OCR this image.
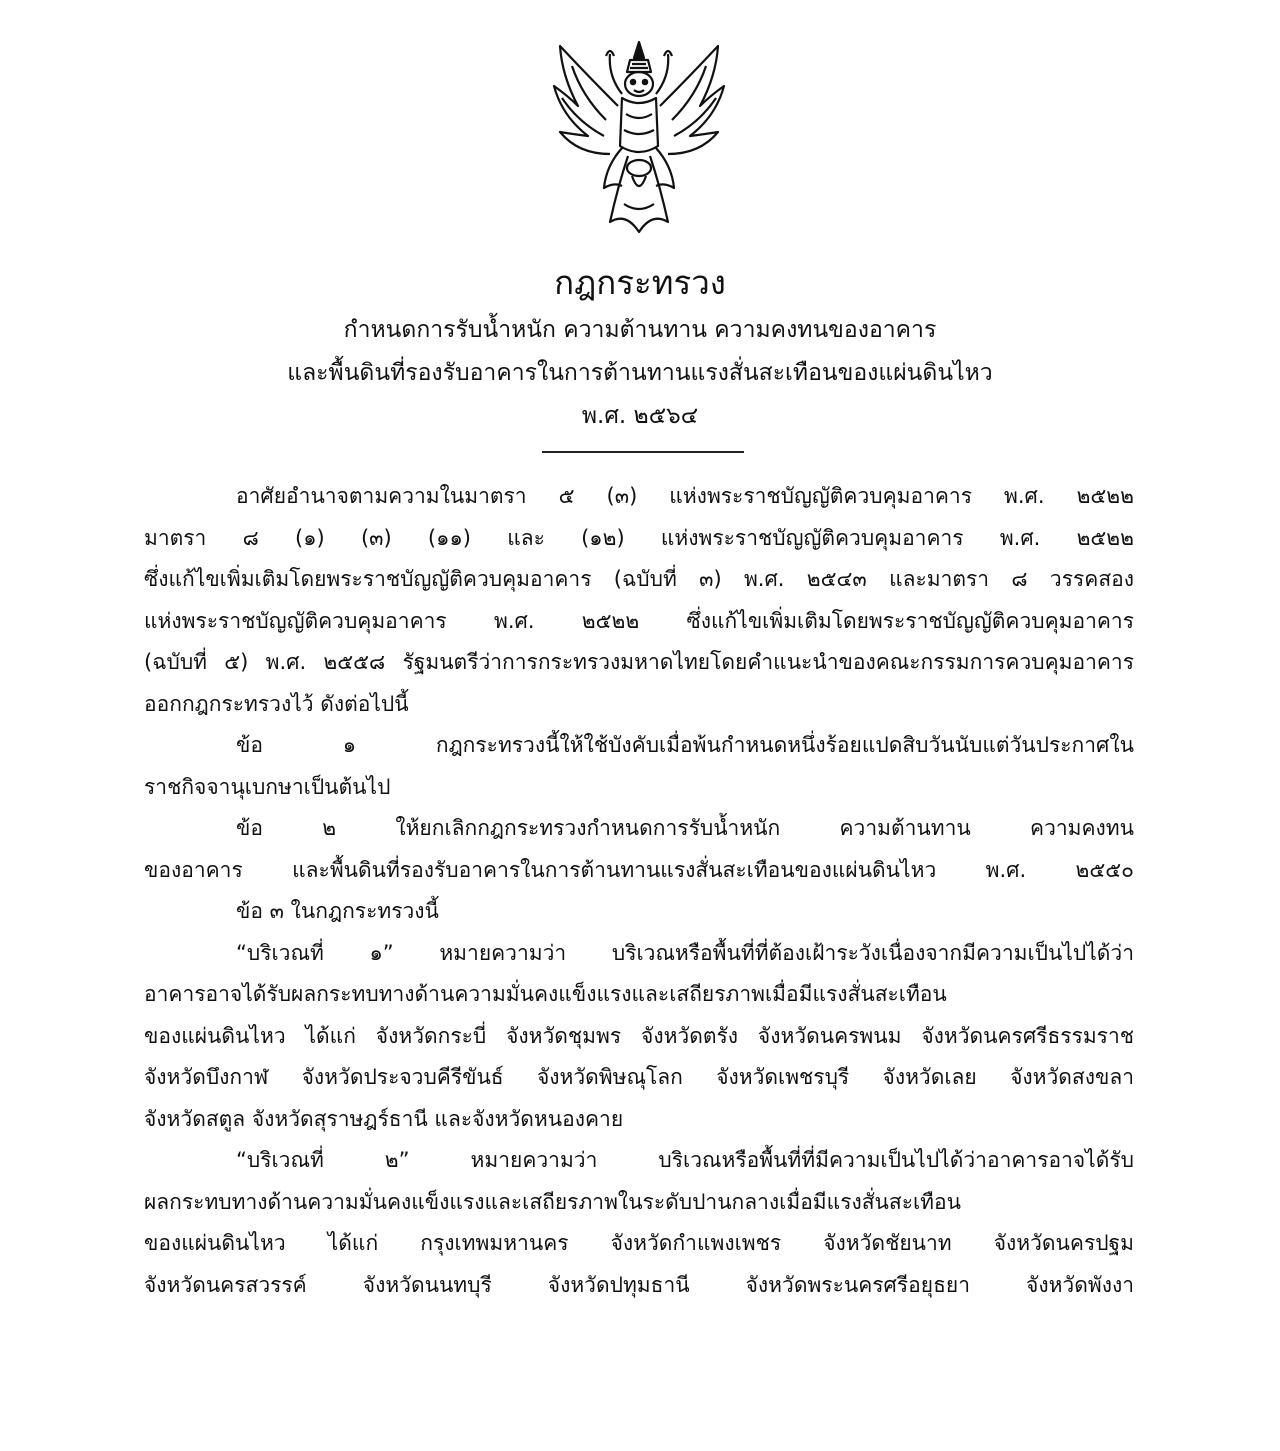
กฎกระทรวง
กำหนดการรับน้ำหนัก ความต้านทาน ความคงทนของอาคาร
และพื้นดินที่รองรับอาคารในการต้านทานแรงสั่นสะเทือนของแผ่นดินไหว
พ.ศ. ๒๕๖๔
อาศัยอำนาจตามความในมาตรา ๕ (๓) แห่งพระราชบัญญัติควบคุมอาคาร พ.ศ. ๒๕๒๒
มาตรา ๘ (๑) (๓) (๑๑) และ (๑๒) แห่งพระราชบัญญัติควบคุมอาคาร พ.ศ. ๒๕๒๒
ซึ่งแก้ไขเพิ่มเติมโดยพระราชบัญญัติควบคุมอาคาร (ฉบับที่ ๓) พ.ศ. ๒๕๔๓ และมาตรา ๘ วรรคสอง
แห่งพระราชบัญญัติควบคุมอาคาร พ.ศ. ๒๕๒๒ ซึ่งแก้ไขเพิ่มเติมโดยพระราชบัญญัติควบคุมอาคาร
(ฉบับที่ ๕) พ.ศ. ๒๕๕๘ รัฐมนตรีว่าการกระทรวงมหาดไทยโดยคำแนะนำของคณะกรรมการควบคุมอาคาร
ออกกฎกระทรวงไว้ ดังต่อไปนี้
ข้อ ๑ กฎกระทรวงนี้ให้ใช้บังคับเมื่อพ้นกำหนดหนึ่งร้อยแปดสิบวันนับแต่วันประกาศใน
ราชกิจจานุเบกษาเป็นต้นไป
ข้อ ๒ ให้ยกเลิกกฎกระทรวงกำหนดการรับน้ำหนัก ความต้านทาน ความคงทน
ของอาคาร และพื้นดินที่รองรับอาคารในการต้านทานแรงสั่นสะเทือนของแผ่นดินไหว พ.ศ. ๒๕๕๐
ข้อ ๓ ในกฎกระทรวงนี้
“บริเวณที่ ๑” หมายความว่า บริเวณหรือพื้นที่ที่ต้องเฝ้าระวังเนื่องจากมีความเป็นไปได้ว่า
อาคารอาจได้รับผลกระทบทางด้านความมั่นคงแข็งแรงและเสถียรภาพเมื่อมีแรงสั่นสะเทือน
ของแผ่นดินไหว ได้แก่ จังหวัดกระบี่ จังหวัดชุมพร จังหวัดตรัง จังหวัดนครพนม จังหวัดนครศรีธรรมราช
จังหวัดบึงกาฬ จังหวัดประจวบคีรีขันธ์ จังหวัดพิษณุโลก จังหวัดเพชรบุรี จังหวัดเลย จังหวัดสงขลา
จังหวัดสตูล จังหวัดสุราษฎร์ธานี และจังหวัดหนองคาย
“บริเวณที่ ๒” หมายความว่า บริเวณหรือพื้นที่ที่มีความเป็นไปได้ว่าอาคารอาจได้รับ
ผลกระทบทางด้านความมั่นคงแข็งแรงและเสถียรภาพในระดับปานกลางเมื่อมีแรงสั่นสะเทือน
ของแผ่นดินไหว ได้แก่ กรุงเทพมหานคร จังหวัดกำแพงเพชร จังหวัดชัยนาท จังหวัดนครปฐม
จังหวัดนครสวรรค์ จังหวัดนนทบุรี จังหวัดปทุมธานี จังหวัดพระนครศรีอยุธยา จังหวัดพังงา
